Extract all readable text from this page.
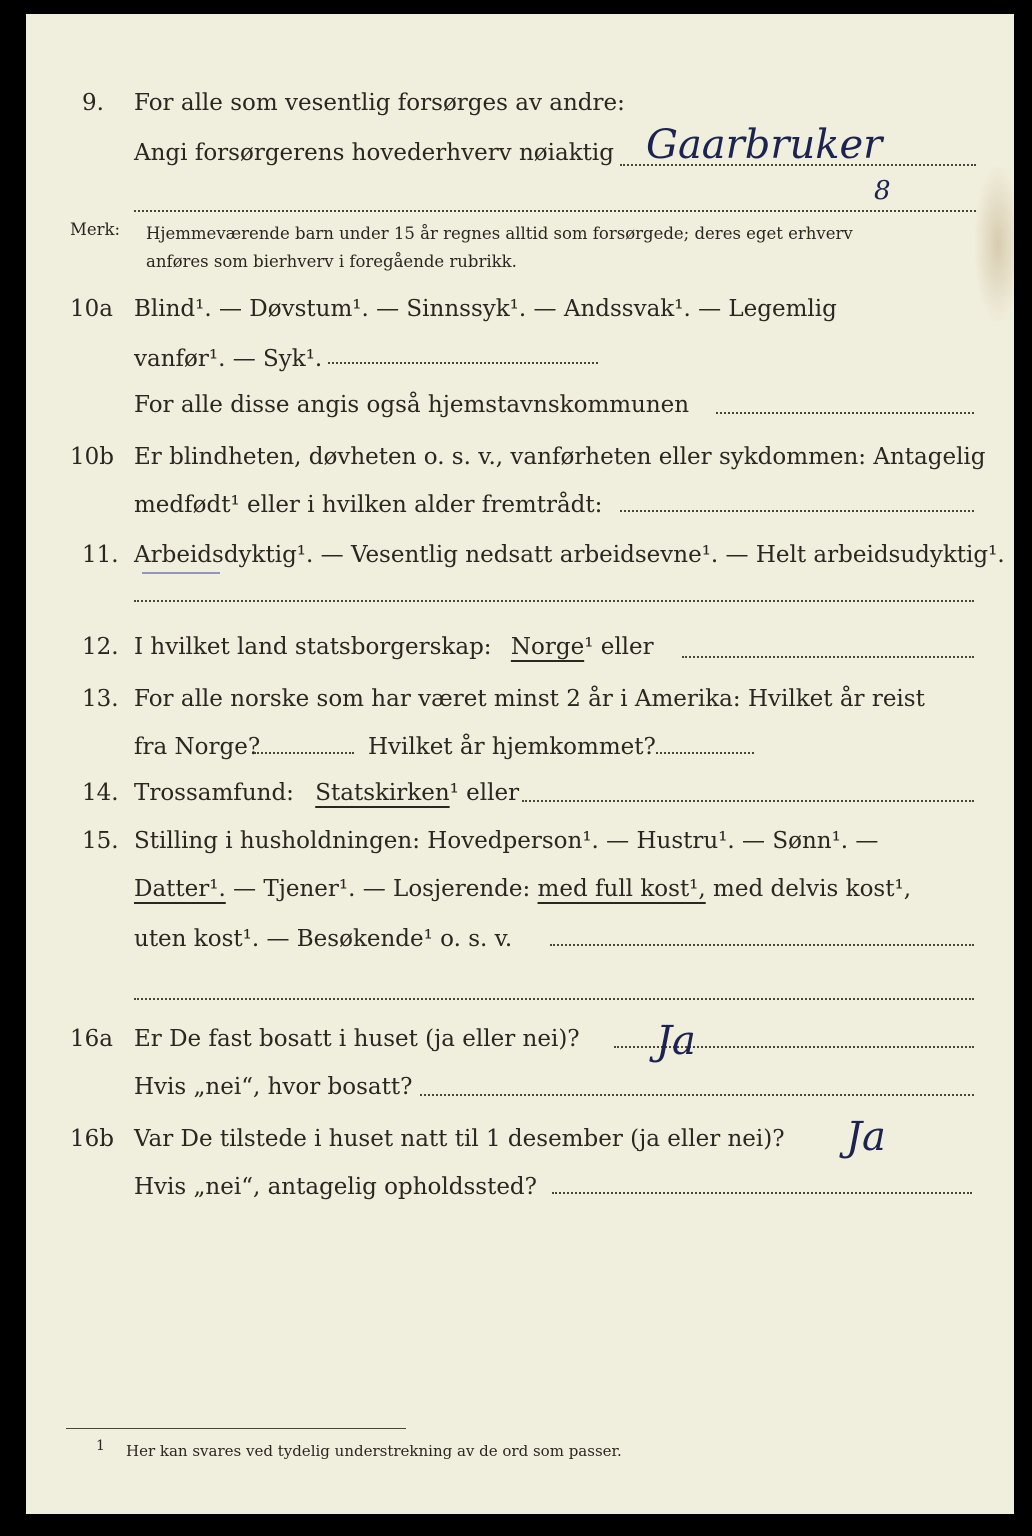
9. For alle som vesentlig forsørges av andre:
Angi forsørgerens hovederhverv nøiaktig Gaarbruker
8
Merk: Hjemmeværende barn under 15 år regnes alltid som forsørgede; deres eget erhverv
anføres som bierhverv i foregående rubrikk.
10a Blind¹. — Døvstum¹. — Sinnssyk¹. — Andssvak¹. — Legemlig
vanfør¹. — Syk¹.
For alle disse angis også hjemstavnskommunen
10b Er blindheten, døvheten o. s. v., vanførheten eller sykdommen: Antagelig
medfødt¹ eller i hvilken alder fremtrådt:
11. Arbeidsdyktig¹. — Vesentlig nedsatt arbeidsevne¹. — Helt arbeidsudyktig¹.
12. I hvilket land statsborgerskap: Norge¹ eller
13. For alle norske som har været minst 2 år i Amerika: Hvilket år reist
fra Norge?	Hvilket år hjemkommet?
14. Trossamfund: Statskirken¹ eller
15. Stilling i husholdningen: Hovedperson¹. — Hustru¹. — Sønn¹. —
Datter¹. — Tjener¹. — Losjerende: med full kost¹, med delvis kost¹,
uten kost¹. — Besøkende¹ o. s. v.
16a Er De fast bosatt i huset (ja eller nei)? Ja
Hvis „nei“, hvor bosatt?
16b Var De tilstede i huset natt til 1 desember (ja eller nei)? Ja
Hvis „nei“, antagelig opholdssted?
1 Her kan svares ved tydelig understrekning av de ord som passer.
